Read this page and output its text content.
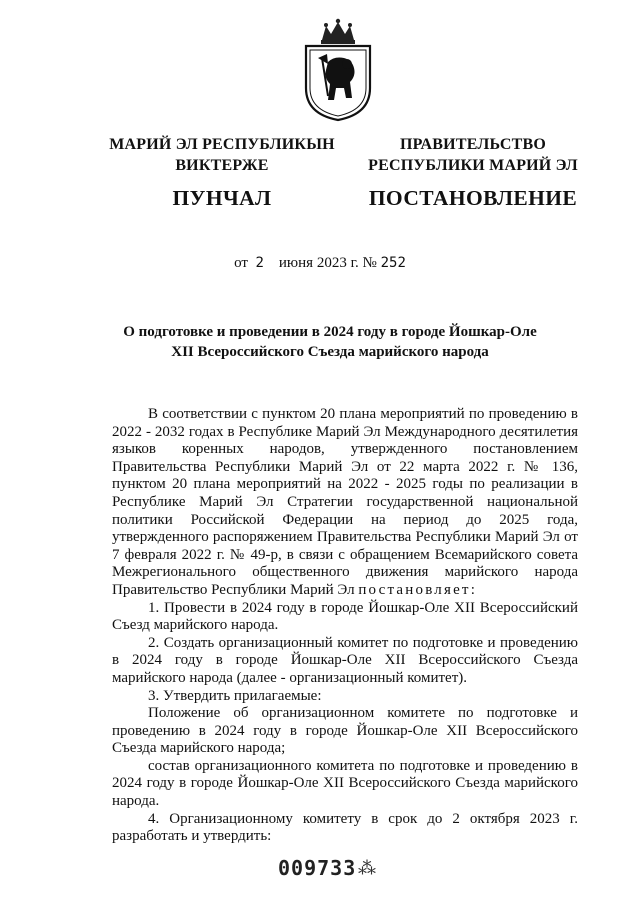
МАРИЙ ЭЛ РЕСПУБЛИКЫН
ВИКТЕРЖЕ
ПУНЧАЛ
ПРАВИТЕЛЬСТВО
РЕСПУБЛИКИ МАРИЙ ЭЛ
ПОСТАНОВЛЕНИЕ
от 2 июня 2023 г. № 252
О подготовке и проведении в 2024 году в городе Йошкар-Оле
XII Всероссийского Съезда марийского народа

В соответствии с пунктом 20 плана мероприятий по проведению в 2022 - 2032 годах в Республике Марий Эл Международного десятилетия языков коренных народов, утвержденного постановлением Правительства Республики Марий Эл от 22 марта 2022 г. № 136, пунктом 20 плана мероприятий на 2022 - 2025 годы по реализации в Республике Марий Эл Стратегии государственной национальной политики Российской Федерации на период до 2025 года, утвержденного распоряжением Правительства Республики Марий Эл от 7 февраля 2022 г. № 49-р, в связи с обращением Всемарийского совета Межрегионального общественного движения марийского народа Правительство Республики Марий Эл постановляет:

1. Провести в 2024 году в городе Йошкар-Оле XII Всероссийский Съезд марийского народа.

2. Создать организационный комитет по подготовке и проведению в 2024 году в городе Йошкар-Оле XII Всероссийского Съезда марийского народа (далее - организационный комитет).

3. Утвердить прилагаемые:

Положение об организационном комитете по подготовке и проведению в 2024 году в городе Йошкар-Оле XII Всероссийского Съезда марийского народа;

состав организационного комитета по подготовке и проведению в 2024 году в городе Йошкар-Оле XII Всероссийского Съезда марийского народа.

4. Организационному комитету в срок до 2 октября 2023 г. разработать и утвердить:

009733 ⁂
